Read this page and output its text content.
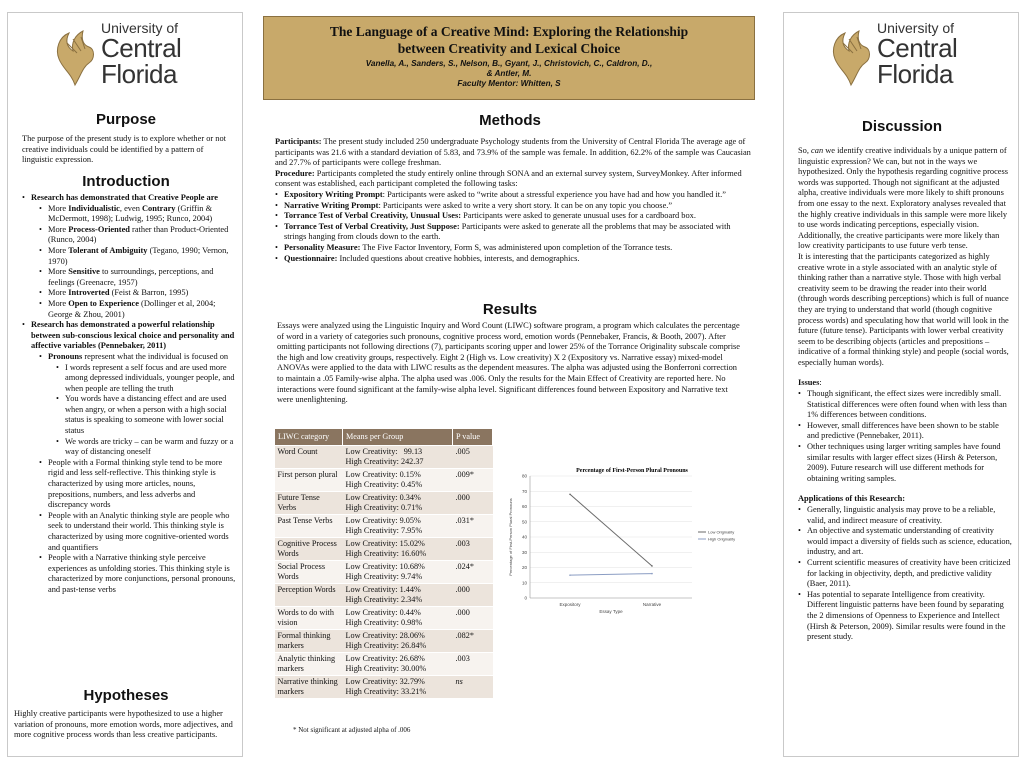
University of
Central
Florida
Purpose
The purpose of the present study is to explore whether or not creative individuals could be identified by a pattern of linguistic expression.
Introduction
• Research has demonstrated that Creative People are
• More Individualistic, even Contrary (Griffin & McDermott, 1998); Ludwig, 1995; Runco, 2004)
• More Process-Oriented rather than Product-Oriented (Runco, 2004)
• More Tolerant of Ambiguity (Tegano, 1990; Vernon, 1970)
• More Sensitive to surroundings, perceptions, and feelings (Greenacre, 1957)
• More Introverted (Feist & Barron, 1995)
• More Open to Experience (Dollinger et al, 2004; George & Zhou, 2001)
• Research has demonstrated a powerful relationship between sub-conscious lexical choice and personality and affective variables (Pennebaker, 2011)
• Pronouns represent what the individual is focused on
• I words represent a self focus and are used more among depressed individuals, younger people, and when people are telling the truth
• You words have a distancing effect and are used when angry, or when a person with a high social status is speaking to someone with lower social status
• We words are tricky – can be warm and fuzzy or a way of distancing oneself
• People with a Formal thinking style tend to be more rigid and less self-reflective. This thinking style is characterized by using more articles, nouns, prepositions, numbers, and less adverbs and discrepancy words
• People with an Analytic thinking style are people who seek to understand their world. This thinking style is characterized by using more cognitive-oriented words and quantifiers
• People with a Narrative thinking style perceive experiences as unfolding stories. This thinking style is characterized by more conjunctions, personal pronouns, and past-tense verbs
Hypotheses
Highly creative participants were hypothesized to use a higher variation of pronouns, more emotion words, more adjectives, and more cognitive process words than less creative participants.
The Language of a Creative Mind: Exploring the Relationship
between Creativity and Lexical Choice
Vanella, A., Sanders, S., Nelson, B., Gyant, J., Christovich, C., Caldron, D.,
& Antler, M.
Faculty Mentor: Whitten, S
Methods
Participants: The present study included 250 undergraduate Psychology students from the University of Central Florida The average age of participants was 21.6 with a standard deviation of 5.83, and 73.9% of the sample was female. In addition, 62.2% of the sample was Caucasian and 27.7% of participants were college freshman.
Procedure: Participants completed the study entirely online through SONA and an external survey system, SurveyMonkey. After informed consent was established, each participant completed the following tasks:
• Expository Writing Prompt: Participants were asked to “write about a stressful experience you have had and how you handled it.”
• Narrative Writing Prompt: Participants were asked to write a very short story. It can be on any topic you choose.”
• Torrance Test of Verbal Creativity, Unusual Uses: Participants were asked to generate unusual uses for a cardboard box.
• Torrance Test of Verbal Creativity, Just Suppose: Participants were asked to generate all the problems that may be associated with strings hanging from clouds down to the earth.
• Personality Measure: The Five Factor Inventory, Form S, was administered upon completion of the Torrance tests.
• Questionnaire: Included questions about creative hobbies, interests, and demographics.
Results
Essays were analyzed using the Linguistic Inquiry and Word Count (LIWC) software program, a program which calculates the percentage of word in a variety of categories such pronouns, cognitive process word, emotion words (Pennebaker, Francis, & Booth, 2007). After omitting participants not following directions (7), participants scoring upper and lower 25% of the Torrance Originality subscale comprise the high and low creativity groups, respectively. Eight 2 (High vs. Low creativity) X 2 (Expository vs. Narrative essay) mixed-model ANOVAs were applied to the data with LIWC results as the dependent measures. The alpha was adjusted using the Bonferroni correction to maintain a .05 Family-wise alpha. The alpha used was .006. Only the results for the Main Effect of Creativity are reported here. No interactions were found significant at the family-wise alpha level. Significant differences found between Expository and Narrative text were unenlightening.
LIWC category	Means per Group	P value
Word Count	Low Creativity:   99.13
High Creativity: 242.37	.005
First person plural	Low Creativity: 0.15%
High Creativity: 0.45%	.009*
Future Tense Verbs	Low Creativity: 0.34%
High Creativity: 0.71%	.000
Past Tense Verbs	Low Creativity: 9.05%
High Creativity: 7.95%	.031*
Cognitive Process Words	Low Creativity: 15.02%
High Creativity: 16.60%	.003
Social Process Words	Low Creativity: 10.68%
High Creativity: 9.74%	.024*
Perception Words	Low Creativity: 1.44%
High Creativity: 2.34%	.000
Words to do with vision	Low Creativity: 0.44%
High Creativity: 0.98%	.000
Formal thinking markers	Low Creativity: 28.06%
High Creativity: 26.84%	.082*
Analytic thinking markers	Low Creativity: 26.68%
High Creativity: 30.00%	.003
Narrative thinking markers	Low Creativity: 32.79%
High Creativity: 33.21%	ns
* Not significant at adjusted alpha of .006
Percentage of First-Person Plural Pronouns
0
10
20
30
40
50
60
70
80
Expository	Narrative
Essay Type
Percentage of First-Person Plural Pronouns	Low Originality
High Originality
University of
Central
Florida
Discussion
So, can we identify creative individuals by a unique pattern of linguistic expression? We can, but not in the ways we hypothesized. Only the hypothesis regarding cognitive process words was supported. Though not significant at the adjusted alpha, creative individuals were more likely to shift pronouns from one essay to the next. Exploratory analyses revealed that the highly creative individuals in this sample were more likely to use words indicating perceptions, especially vision. Additionally, the creative participants were more likely than low creativity participants to use future verb tense.
It is interesting that the participants categorized as highly creative wrote in a style associated with an analytic style of thinking rather than a narrative style. Those with high verbal creativity seem to be drawing the reader into their world (through words describing perceptions) which is full of nuance they are trying to understand that world (though cognitive process words) and speculating how that world will look in the future (future tense). Participants with lower verbal creativity seem to be describing objects (articles and prepositions – indicative of a formal thinking style) and people (social words, especially human words).
Issues:
• Though significant, the effect sizes were incredibly small. Statistical differences were often found when with less than 1% differences between conditions.
• However, small differences have been shown to be stable and predictive (Pennebaker, 2011).
• Other techniques using larger writing samples have found similar results with larger effect sizes (Hirsh & Peterson, 2009). Future research will use different methods for obtaining writing samples.
Applications of this Research:
• Generally, linguistic analysis may prove to be a reliable, valid, and indirect measure of creativity.
• An objective and systematic understanding of creativity would impact a diversity of fields such as science, education, industry, and art.
• Current scientific measures of creativity have been criticized for lacking in objectivity, depth, and predictive validity (Baer, 2011).
• Has potential to separate Intelligence from creativity. Different linguistic patterns have been found by separating the 2 dimensions of Openness to Experience and Intellect (Hirsh & Peterson, 2009). Similar results were found in the present study.
